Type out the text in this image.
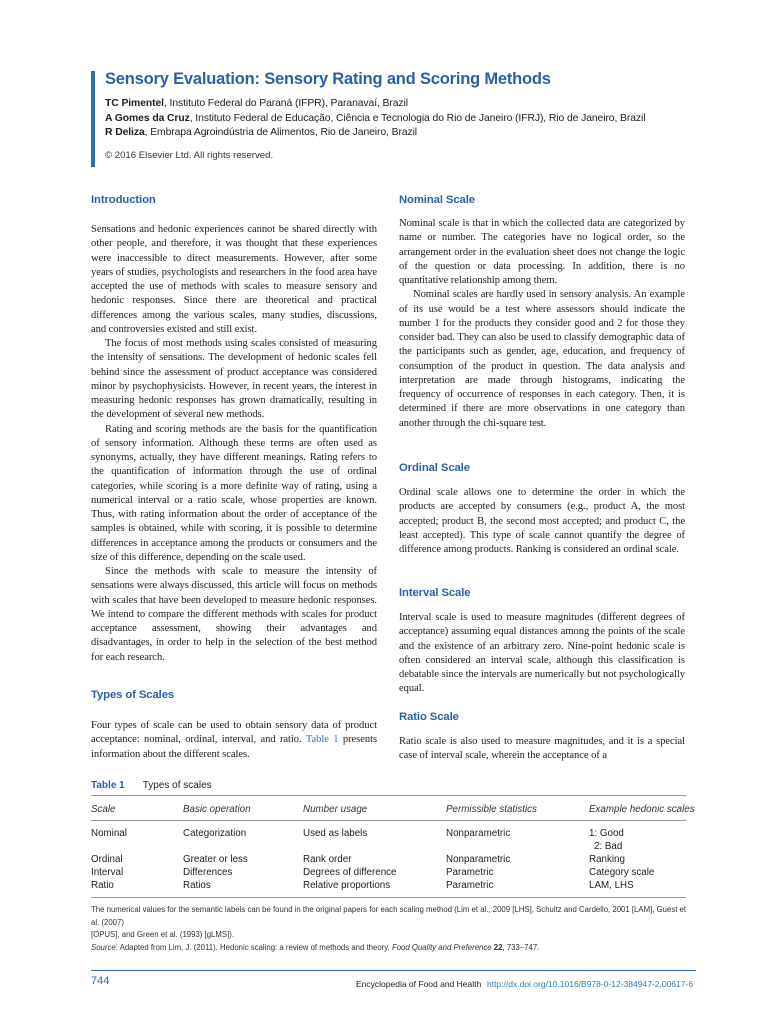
Sensory Evaluation: Sensory Rating and Scoring Methods
TC Pimentel, Instituto Federal do Paraná (IFPR), Paranavaí, Brazil
A Gomes da Cruz, Instituto Federal de Educação, Ciência e Tecnologia do Rio de Janeiro (IFRJ), Rio de Janeiro, Brazil
R Deliza, Embrapa Agroindústria de Alimentos, Rio de Janeiro, Brazil
© 2016 Elsevier Ltd. All rights reserved.
Introduction

Sensations and hedonic experiences cannot be shared directly with other people, and therefore, it was thought that these experiences were inaccessible to direct measurements. However, after some years of studies, psychologists and researchers in the food area have accepted the use of methods with scales to measure sensory and hedonic responses. Since there are theoretical and practical differences among the various scales, many studies, discussions, and controversies existed and still exist.

The focus of most methods using scales consisted of measuring the intensity of sensations. The development of hedonic scales fell behind since the assessment of product acceptance was considered minor by psychophysicists. However, in recent years, the interest in measuring hedonic responses has grown dramatically, resulting in the development of several new methods.

Rating and scoring methods are the basis for the quantification of sensory information. Although these terms are often used as synonyms, actually, they have different meanings. Rating refers to the quantification of information through the use of ordinal categories, while scoring is a more definite way of rating, using a numerical interval or a ratio scale, whose properties are known. Thus, with rating information about the order of acceptance of the samples is obtained, while with scoring, it is possible to determine differences in acceptance among the products or consumers and the size of this difference, depending on the scale used.

Since the methods with scale to measure the intensity of sensations were always discussed, this article will focus on methods with scales that have been developed to measure hedonic responses. We intend to compare the different methods with scales for product acceptance assessment, showing their advantages and disadvantages, in order to help in the selection of the best method for each research.

Types of Scales

Four types of scale can be used to obtain sensory data of product acceptance: nominal, ordinal, interval, and ratio. Table 1 presents information about the different scales.

Nominal Scale

Nominal scale is that in which the collected data are categorized by name or number. The categories have no logical order, so the arrangement order in the evaluation sheet does not change the logic of the question or data processing. In addition, there is no quantitative relationship among them.

Nominal scales are hardly used in sensory analysis. An example of its use would be a test where assessors should indicate the number 1 for the products they consider good and 2 for those they consider bad. They can also be used to classify demographic data of the participants such as gender, age, education, and frequency of consumption of the product in question. The data analysis and interpretation are made through histograms, indicating the frequency of occurrence of responses in each category. Then, it is determined if there are more observations in one category than another through the chi-square test.

Ordinal Scale

Ordinal scale allows one to determine the order in which the products are accepted by consumers (e.g., product A, the most accepted; product B, the second most accepted; and product C, the least accepted). This type of scale cannot quantify the degree of difference among products. Ranking is considered an ordinal scale.

Interval Scale

Interval scale is used to measure magnitudes (different degrees of acceptance) assuming equal distances among the points of the scale and the existence of an arbitrary zero. Nine-point hedonic scale is often considered an interval scale, although this classification is debatable since the intervals are numerically but not psychologically equal.

Ratio Scale

Ratio scale is also used to measure magnitudes, and it is a special case of interval scale, wherein the acceptance of a

Table 1 Types of scales
Scale	Basic operation	Number usage	Permissible statistics	Example hedonic scales
Nominal	Categorization	Used as labels	Nonparametric	1: Good
2: Bad
Ordinal	Greater or less	Rank order	Nonparametric	Ranking
Interval	Differences	Degrees of difference	Parametric	Category scale
Ratio	Ratios	Relative proportions	Parametric	LAM, LHS
The numerical values for the semantic labels can be found in the original papers for each scaling method (Lim et al., 2009 [LHS], Schultz and Cardello, 2001 [LAM], Guest et al. (2007)
[OPUS], and Green et al. (1993) [gLMS]).
Source: Adapted from Lim, J. (2011). Hedonic scaling: a review of methods and theory. Food Quality and Preference 22, 733–747.
744	Encyclopedia of Food and Health http://dx.doi.org/10.1016/B978-0-12-384947-2.00617-6
